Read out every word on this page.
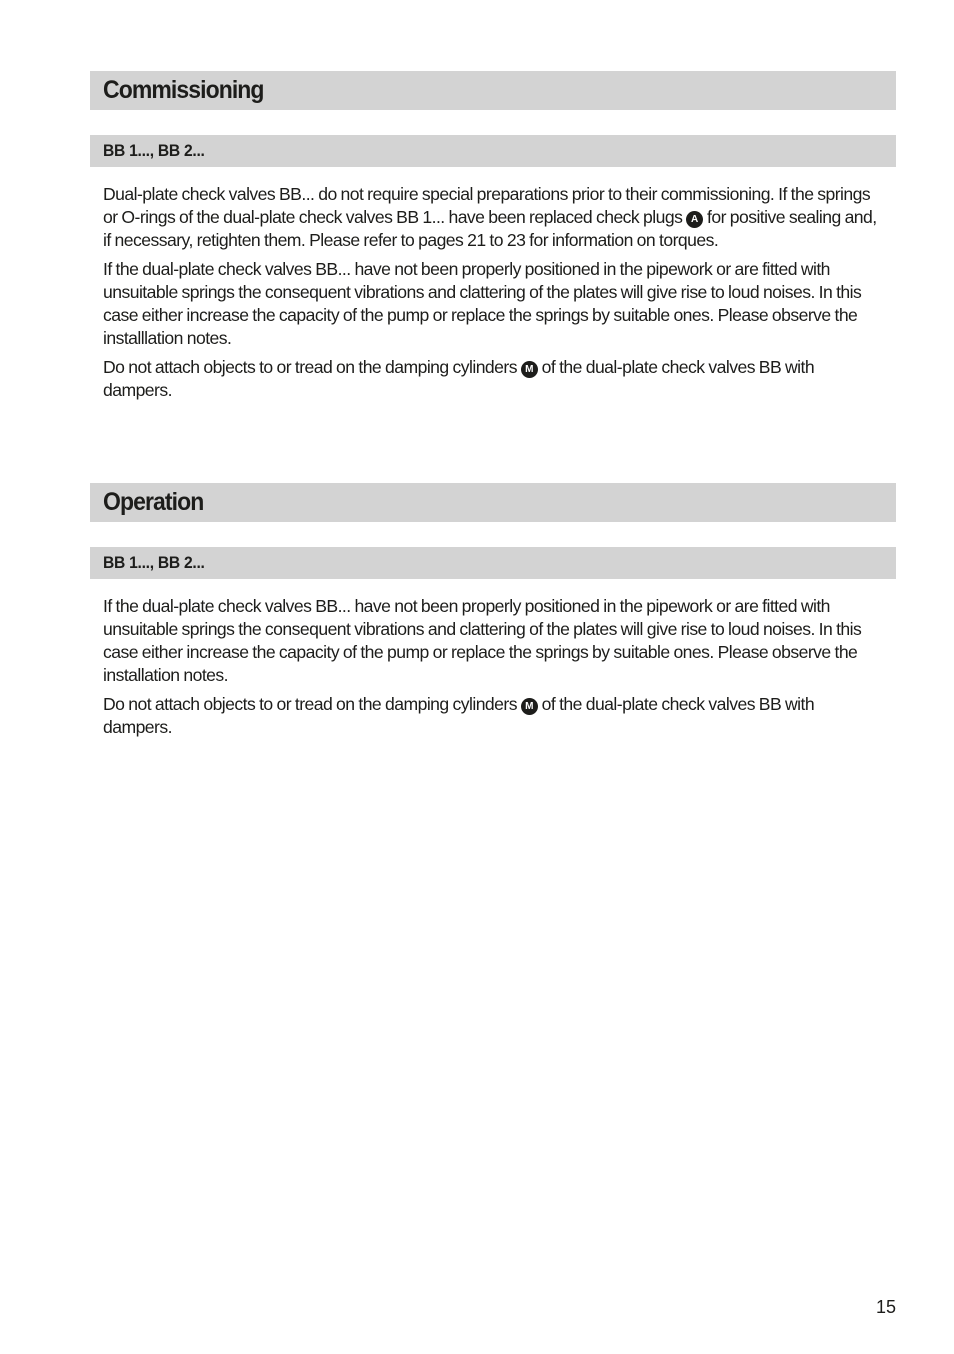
Commissioning
BB 1..., BB 2...

Dual-plate check valves BB... do not require special preparations prior to their commissioning. If the springs or O-rings of the dual-plate check valves BB 1... have been replaced check plugs A for positive sealing and, if necessary, retighten them. Please refer to pages 21 to 23 for information on torques.

If the dual-plate check valves BB... have not been properly positioned in the pipework or are fitted with unsuitable springs the consequent vibrations and clattering of the plates will give rise to loud noises. In this case either increase the capacity of the pump or replace the springs by suitable ones. Please observe the installlation notes.

Do not attach objects to or tread on the damping cylinders M of the dual-plate check valves BB with dampers.

Operation
BB 1..., BB 2...

If the dual-plate check valves BB... have not been properly positioned in the pipework or are fitted with unsuitable springs the consequent vibrations and clattering of the plates will give rise to loud noises. In this case either increase the capacity of the pump or replace the springs by suitable ones. Please observe the installation notes.

Do not attach objects to or tread on the damping cylinders M of the dual-plate check valves BB with dampers.

15
